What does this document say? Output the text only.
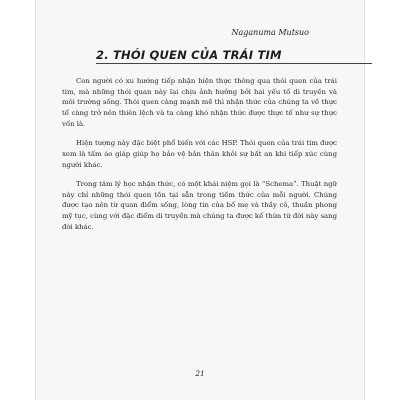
Naganuma Mutsuo
2. THÓI QUEN CỦA TRÁI TIM

Con người có xu hướng tiếp nhận hiện thực thông qua thói quen của trái tim, mà những thói quan này lại chịu ảnh hưởng bởi hai yếu tố di truyền và môi trường sống. Thói quen càng mạnh mẽ thì nhận thức của chúng ta về thực tế càng trở nên thiên lệch và ta càng khó nhận thức được thực tế như sự thực vốn là.

Hiện tượng này đặc biệt phổ biến với các HSP. Thói quen của trái tim được xem là tấm áo giáp giúp họ bảo vệ bản thân khỏi sự bất an khi tiếp xúc cùng người khác.

Trong tâm lý học nhận thức, có một khái niệm gọi là “Schema”. Thuật ngữ này chỉ những thói quen tồn tại sẵn trong tiềm thức của mỗi người. Chúng được tạo nên từ quan điểm sống, lòng tin của bố mẹ và thầy cô, thuần phong mỹ tục, cùng với đặc điểm di truyền mà chúng ta được kế thừa từ đời này sang đời khác.

21
